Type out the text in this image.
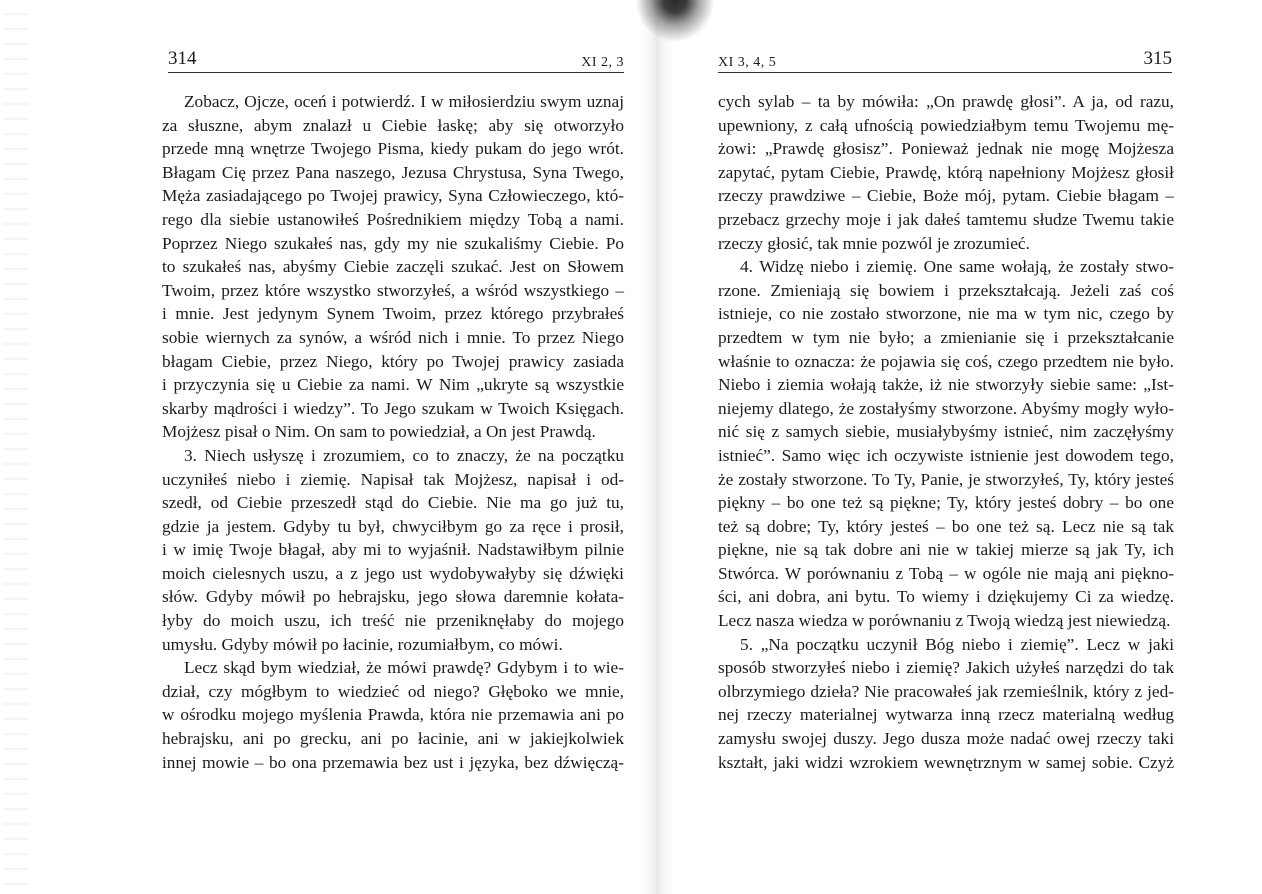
314	XI 2, 3
Zobacz, Ojcze, oceń i potwierdź. I w miłosierdziu swym uznaj
za słuszne, abym znalazł u Ciebie łaskę; aby się otworzyło
przede mną wnętrze Twojego Pisma, kiedy pukam do jego wrót.
Błagam Cię przez Pana naszego, Jezusa Chrystusa, Syna Twego,
Męża zasiadającego po Twojej prawicy, Syna Człowieczego, któ-
rego dla siebie ustanowiłeś Pośrednikiem między Tobą a nami.
Poprzez Niego szukałeś nas, gdy my nie szukaliśmy Ciebie. Po
to szukałeś nas, abyśmy Ciebie zaczęli szukać. Jest on Słowem
Twoim, przez które wszystko stworzyłeś, a wśród wszystkiego –
i mnie. Jest jedynym Synem Twoim, przez którego przybrałeś
sobie wiernych za synów, a wśród nich i mnie. To przez Niego
błagam Ciebie, przez Niego, który po Twojej prawicy zasiada
i przyczynia się u Ciebie za nami. W Nim „ukryte są wszystkie
skarby mądrości i wiedzy”. To Jego szukam w Twoich Księgach.
Mojżesz pisał o Nim. On sam to powiedział, a On jest Prawdą.
3. Niech usłyszę i zrozumiem, co to znaczy, że na początku
uczyniłeś niebo i ziemię. Napisał tak Mojżesz, napisał i od-
szedł, od Ciebie przeszedł stąd do Ciebie. Nie ma go już tu,
gdzie ja jestem. Gdyby tu był, chwyciłbym go za ręce i prosił,
i w imię Twoje błagał, aby mi to wyjaśnił. Nadstawiłbym pilnie
moich cielesnych uszu, a z jego ust wydobywałyby się dźwięki
słów. Gdyby mówił po hebrajsku, jego słowa daremnie kołata-
łyby do moich uszu, ich treść nie przeniknęłaby do mojego
umysłu. Gdyby mówił po łacinie, rozumiałbym, co mówi.
Lecz skąd bym wiedział, że mówi prawdę? Gdybym i to wie-
dział, czy mógłbym to wiedzieć od niego? Głęboko we mnie,
w ośrodku mojego myślenia Prawda, która nie przemawia ani po
hebrajsku, ani po grecku, ani po łacinie, ani w jakiejkolwiek
innej mowie – bo ona przemawia bez ust i języka, bez dźwięczą-
XI 3, 4, 5	315
cych sylab – ta by mówiła: „On prawdę głosi”. A ja, od razu,
upewniony, z całą ufnością powiedziałbym temu Twojemu mę-
żowi: „Prawdę głosisz”. Ponieważ jednak nie mogę Mojżesza
zapytać, pytam Ciebie, Prawdę, którą napełniony Mojżesz głosił
rzeczy prawdziwe – Ciebie, Boże mój, pytam. Ciebie błagam –
przebacz grzechy moje i jak dałeś tamtemu słudze Twemu takie
rzeczy głosić, tak mnie pozwól je zrozumieć.
4. Widzę niebo i ziemię. One same wołają, że zostały stwo-
rzone. Zmieniają się bowiem i przekształcają. Jeżeli zaś coś
istnieje, co nie zostało stworzone, nie ma w tym nic, czego by
przedtem w tym nie było; a zmienianie się i przekształcanie
właśnie to oznacza: że pojawia się coś, czego przedtem nie było.
Niebo i ziemia wołają także, iż nie stworzyły siebie same: „Ist-
niejemy dlatego, że zostałyśmy stworzone. Abyśmy mogły wyło-
nić się z samych siebie, musiałybyśmy istnieć, nim zaczęłyśmy
istnieć”. Samo więc ich oczywiste istnienie jest dowodem tego,
że zostały stworzone. To Ty, Panie, je stworzyłeś, Ty, który jesteś
piękny – bo one też są piękne; Ty, który jesteś dobry – bo one
też są dobre; Ty, który jesteś – bo one też są. Lecz nie są tak
piękne, nie są tak dobre ani nie w takiej mierze są jak Ty, ich
Stwórca. W porównaniu z Tobą – w ogóle nie mają ani piękno-
ści, ani dobra, ani bytu. To wiemy i dziękujemy Ci za wiedzę.
Lecz nasza wiedza w porównaniu z Twoją wiedzą jest niewiedzą.
5. „Na początku uczynił Bóg niebo i ziemię”. Lecz w jaki
sposób stworzyłeś niebo i ziemię? Jakich użyłeś narzędzi do tak
olbrzymiego dzieła? Nie pracowałeś jak rzemieślnik, który z jed-
nej rzeczy materialnej wytwarza inną rzecz materialną według
zamysłu swojej duszy. Jego dusza może nadać owej rzeczy taki
kształt, jaki widzi wzrokiem wewnętrznym w samej sobie. Czyż
